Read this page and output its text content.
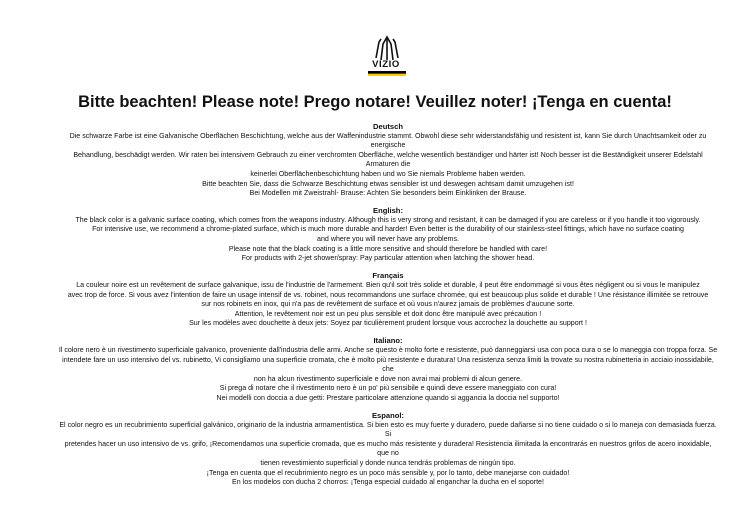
VIZIO
Bitte beachten! Please note! Prego notare! Veuillez noter! ¡Tenga en cuenta!
Deutsch

Die schwarze Farbe ist eine Galvanische Oberflächen Beschichtung, welche aus der Waffenindustrie stammt. Obwohl diese sehr widerstandsfähig und resistent ist, kann Sie durch Unachtsamkeit oder zu energische

Behandlung, beschädigt werden. Wir raten bei intensivem Gebrauch zu einer verchromten Oberfläche, welche wesentlich beständiger und härter ist! Noch besser ist die Beständigkeit unserer Edelstahl Armaturen die

keinerlei Oberflächenbeschichtung haben und wo Sie niemals Probleme haben werden.

Bitte beachten Sie, dass die Schwarze Beschichtung etwas sensibler ist und deswegen achtsam damit umzugehen ist!

Bei Modellen mit Zweistrahl- Brause: Achten Sie besonders beim Einklinken der Brause.

English:

The black color is a galvanic surface coating, which comes from the weapons industry. Although this is very strong and resistant, it can be damaged if you are careless or if you handle it too vigorously.

For intensive use, we recommend a chrome-plated surface, which is much more durable and harder! Even better is the durability of our stainless-steel fittings, which have no surface coating

and where you will never have any problems.

Please note that the black coating is a little more sensitive and should therefore be handled with care!

For products with 2-jet shower/spray: Pay particular attention when latching the shower head.

Français

La couleur noire est un revêtement de surface galvanique, issu de l'industrie de l'armement. Bien qu'il soit très solide et durable, il peut être endommagé si vous êtes négligent ou si vous le manipulez

avec trop de force. Si vous avez l'intention de faire un usage intensif de vs. robinet, nous recommandons une surface chromée, qui est beaucoup plus solide et durable ! Une résistance illimitée se retrouve

sur nos robinets en inox, qui n'a pas de revêtement de surface et où vous n'aurez jamais de problèmes d'aucune sorte.

Attention, le revêtement noir est un peu plus sensible et doit donc être manipulé avec précaution !

Sur les modèles avec douchette à deux jets: Soyez par ticulièrement prudent lorsque vous accrochez la douchette au support !

Italiano:

Il colore nero è un rivestimento superficiale galvanico, proveniente dall'industria delle armi. Anche se questo è molto forte e resistente, può danneggiarsi usa con poca cura o se lo maneggia con troppa forza. Se

intendete fare un uso intensivo del vs. rubinetto, Vi consigliamo una superficie cromata, che è molto più resistente e duratura! Una resistenza senza limiti la trovate su nostra rubinetteria in acciaio inossidabile, che

non ha alcun rivestimento superficiale e dove non avrai mai problemi di alcun genere.

Si prega di notare che il rivestimento nero è un po' più sensibile e quindi deve essere maneggiato con cura!

Nei modelli con doccia a due getti: Prestare particolare attenzione quando si aggancia la doccia nel supporto!

Espanol:

El color negro es un recubrimiento superficial galvánico, originario de la industria armamentística. Si bien esto es muy fuerte y duradero, puede dañarse si no tiene cuidado o si lo maneja con demasiada fuerza. Si

pretendes hacer un uso intensivo de vs. grifo, ¡Recomendamos una superficie cromada, que es mucho más resistente y duradera! Resistencia ilimitada la encontrarás en nuestros grifos de acero inoxidable, que no

tienen revestimiento superficial y donde nunca tendrás problemas de ningún tipo.

¡Tenga en cuenta que el recubrimiento negro es un poco más sensible y, por lo tanto, debe manejarse con cuidado!

En los modelos con ducha 2 chorros: ¡Tenga especial cuidado al enganchar la ducha en el soporte!
